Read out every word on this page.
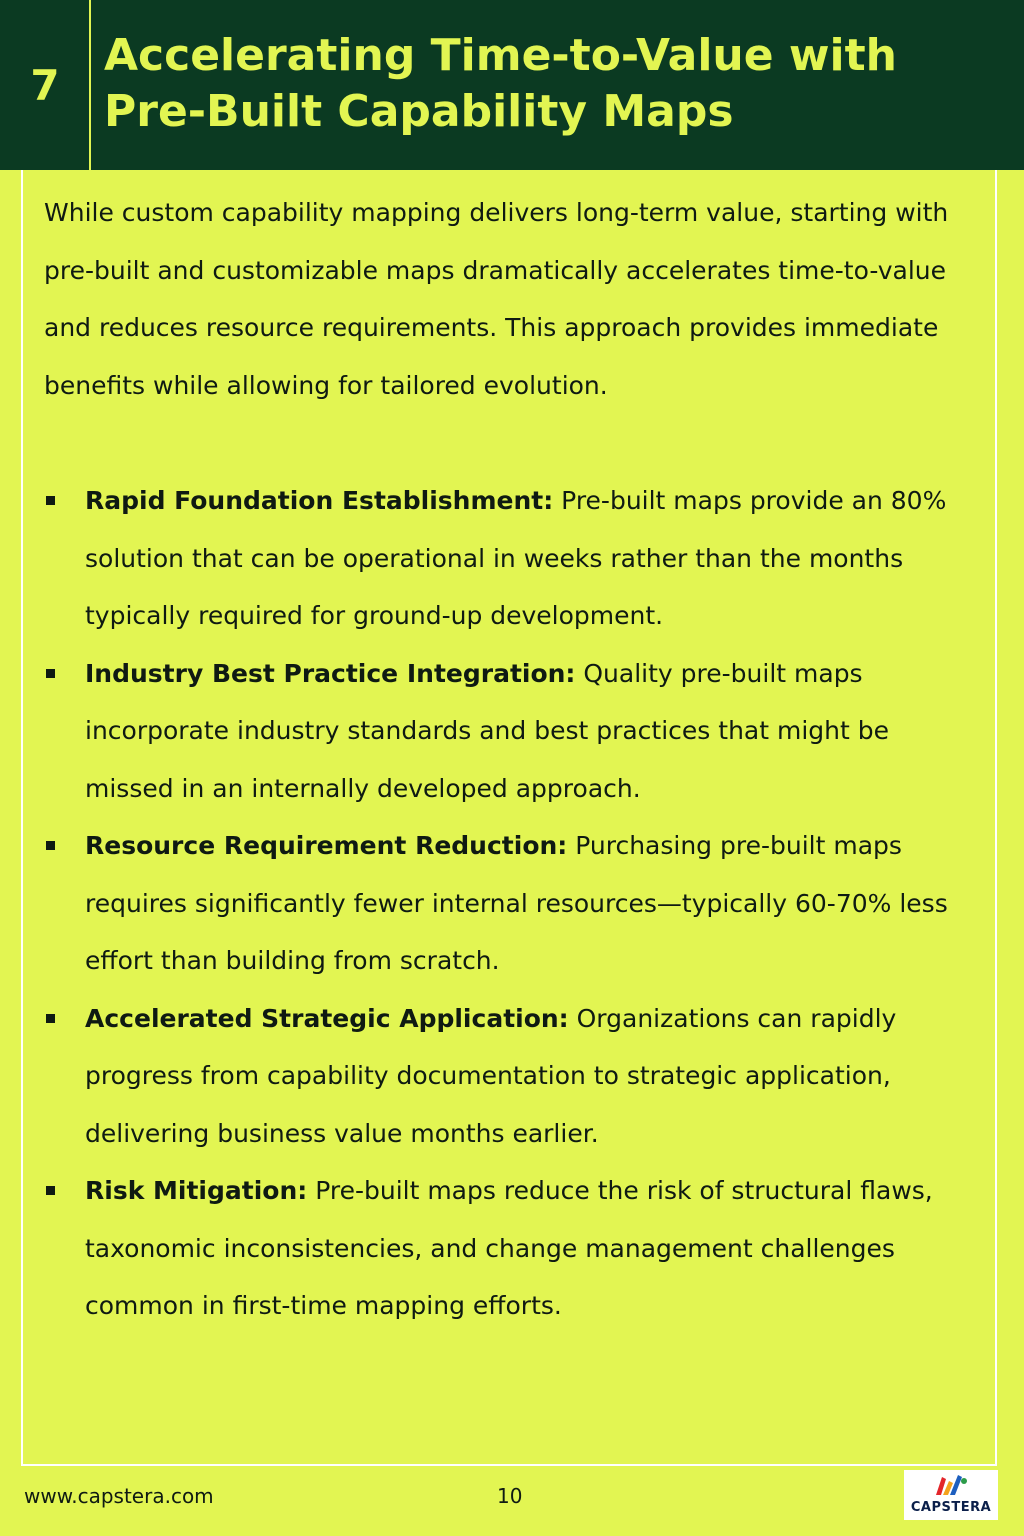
7
Accelerating Time-to-Value with Pre-Built Capability Maps

While custom capability mapping delivers long-term value, starting with pre-built and customizable maps dramatically accelerates time-to-value and reduces resource requirements. This approach provides immediate benefits while allowing for tailored evolution.

Rapid Foundation Establishment: Pre-built maps provide an 80% solution that can be operational in weeks rather than the months typically required for ground-up development.
Industry Best Practice Integration: Quality pre-built maps incorporate industry standards and best practices that might be missed in an internally developed approach.
Resource Requirement Reduction: Purchasing pre-built maps requires significantly fewer internal resources—typically 60-70% less effort than building from scratch.
Accelerated Strategic Application: Organizations can rapidly progress from capability documentation to strategic application, delivering business value months earlier.
Risk Mitigation: Pre-built maps reduce the risk of structural flaws, taxonomic inconsistencies, and change management challenges common in first-time mapping efforts.
www.capstera.com	10	CAPSTERA
